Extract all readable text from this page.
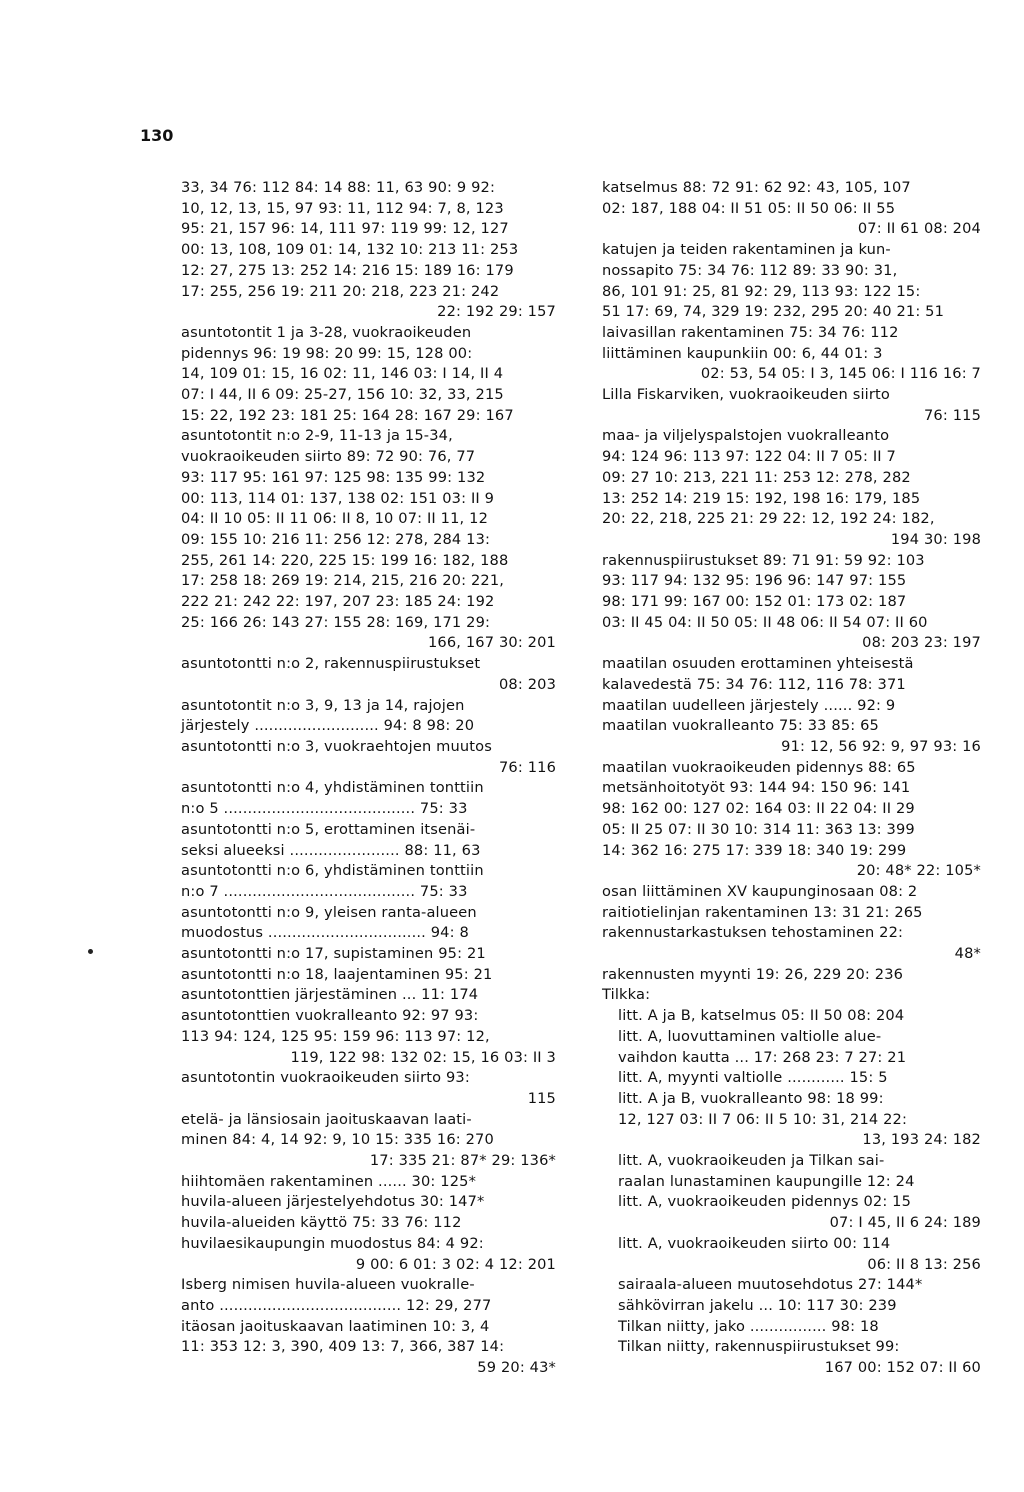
130
33, 34 76: 112 84: 14 88: 11, 63 90: 9 92:
10, 12, 13, 15, 97 93: 11, 112 94: 7, 8, 123
95: 21, 157 96: 14, 111 97: 119 99: 12, 127
00: 13, 108, 109 01: 14, 132 10: 213 11: 253
12: 27, 275 13: 252 14: 216 15: 189 16: 179
17: 255, 256 19: 211 20: 218, 223 21: 242
22: 192 29: 157
asuntotontit 1 ja 3-28, vuokraoikeuden
pidennys 96: 19 98: 20 99: 15, 128 00:
14, 109 01: 15, 16 02: 11, 146 03: I 14, II 4
07: I 44, II 6 09: 25-27, 156 10: 32, 33, 215
15: 22, 192 23: 181 25: 164 28: 167 29: 167
asuntotontit n:o 2-9, 11-13 ja 15-34,
vuokraoikeuden siirto 89: 72 90: 76, 77
93: 117 95: 161 97: 125 98: 135 99: 132
00: 113, 114 01: 137, 138 02: 151 03: II 9
04: II 10 05: II 11 06: II 8, 10 07: II 11, 12
09: 155 10: 216 11: 256 12: 278, 284 13:
255, 261 14: 220, 225 15: 199 16: 182, 188
17: 258 18: 269 19: 214, 215, 216 20: 221,
222 21: 242 22: 197, 207 23: 185 24: 192
25: 166 26: 143 27: 155 28: 169, 171 29:
166, 167 30: 201
asuntotontti n:o 2, rakennuspiirustukset
08: 203
asuntotontit n:o 3, 9, 13 ja 14, rajojen
järjestely .......................... 94: 8 98: 20
asuntotontti n:o 3, vuokraehtojen muutos
76: 116
asuntotontti n:o 4, yhdistäminen tonttiin
n:o 5 ........................................ 75: 33
asuntotontti n:o 5, erottaminen itsenäi-
seksi alueeksi ....................... 88: 11, 63
asuntotontti n:o 6, yhdistäminen tonttiin
n:o 7 ........................................ 75: 33
asuntotontti n:o 9, yleisen ranta-alueen
muodostus ................................. 94: 8
asuntotontti n:o 17, supistaminen 95: 21
asuntotontti n:o 18, laajentaminen 95: 21
asuntotonttien järjestäminen ... 11: 174
asuntotonttien vuokralleanto 92: 97 93:
113 94: 124, 125 95: 159 96: 113 97: 12,
119, 122 98: 132 02: 15, 16 03: II 3
asuntotontin vuokraoikeuden siirto 93:
115
etelä- ja länsiosain jaoituskaavan laati-
minen 84: 4, 14 92: 9, 10 15: 335 16: 270
17: 335 21: 87* 29: 136*
hiihtomäen rakentaminen ...... 30: 125*
huvila-alueen järjestelyehdotus 30: 147*
huvila-alueiden käyttö 75: 33 76: 112
huvilaesikaupungin muodostus 84: 4 92:
9 00: 6 01: 3 02: 4 12: 201
Isberg nimisen huvila-alueen vuokralle-
anto ...................................... 12: 29, 277
itäosan jaoituskaavan laatiminen 10: 3, 4
11: 353 12: 3, 390, 409 13: 7, 366, 387 14:
59 20: 43*
katselmus 88: 72 91: 62 92: 43, 105, 107
02: 187, 188 04: II 51 05: II 50 06: II 55
07: II 61 08: 204
katujen ja teiden rakentaminen ja kun-
nossapito 75: 34 76: 112 89: 33 90: 31,
86, 101 91: 25, 81 92: 29, 113 93: 122 15:
51 17: 69, 74, 329 19: 232, 295 20: 40 21: 51
laivasillan rakentaminen 75: 34 76: 112
liittäminen kaupunkiin 00: 6, 44 01: 3
02: 53, 54 05: I 3, 145 06: I 116 16: 7
Lilla Fiskarviken, vuokraoikeuden siirto
76: 115
maa- ja viljelyspalstojen vuokralleanto
94: 124 96: 113 97: 122 04: II 7 05: II 7
09: 27 10: 213, 221 11: 253 12: 278, 282
13: 252 14: 219 15: 192, 198 16: 179, 185
20: 22, 218, 225 21: 29 22: 12, 192 24: 182,
194 30: 198
rakennuspiirustukset 89: 71 91: 59 92: 103
93: 117 94: 132 95: 196 96: 147 97: 155
98: 171 99: 167 00: 152 01: 173 02: 187
03: II 45 04: II 50 05: II 48 06: II 54 07: II 60
08: 203 23: 197
maatilan osuuden erottaminen yhteisestä
kalavedestä 75: 34 76: 112, 116 78: 371
maatilan uudelleen järjestely ...... 92: 9
maatilan vuokralleanto 75: 33 85: 65
91: 12, 56 92: 9, 97 93: 16
maatilan vuokraoikeuden pidennys 88: 65
metsänhoitotyöt 93: 144 94: 150 96: 141
98: 162 00: 127 02: 164 03: II 22 04: II 29
05: II 25 07: II 30 10: 314 11: 363 13: 399
14: 362 16: 275 17: 339 18: 340 19: 299
20: 48* 22: 105*
osan liittäminen XV kaupunginosaan 08: 2
raitiotielinjan rakentaminen 13: 31 21: 265
rakennustarkastuksen tehostaminen 22:
48*
rakennusten myynti 19: 26, 229 20: 236
Tilkka:
litt. A ja B, katselmus 05: II 50 08: 204
litt. A, luovuttaminen valtiolle alue-
vaihdon kautta ... 17: 268 23: 7 27: 21
litt. A, myynti valtiolle ............ 15: 5
litt. A ja B, vuokralleanto 98: 18 99:
12, 127 03: II 7 06: II 5 10: 31, 214 22:
13, 193 24: 182
litt. A, vuokraoikeuden ja Tilkan sai-
raalan lunastaminen kaupungille 12: 24
litt. A, vuokraoikeuden pidennys 02: 15
07: I 45, II 6 24: 189
litt. A, vuokraoikeuden siirto 00: 114
06: II 8 13: 256
sairaala-alueen muutosehdotus 27: 144*
sähkövirran jakelu ... 10: 117 30: 239
Tilkan niitty, jako ................ 98: 18
Tilkan niitty, rakennuspiirustukset 99:
167 00: 152 07: II 60
